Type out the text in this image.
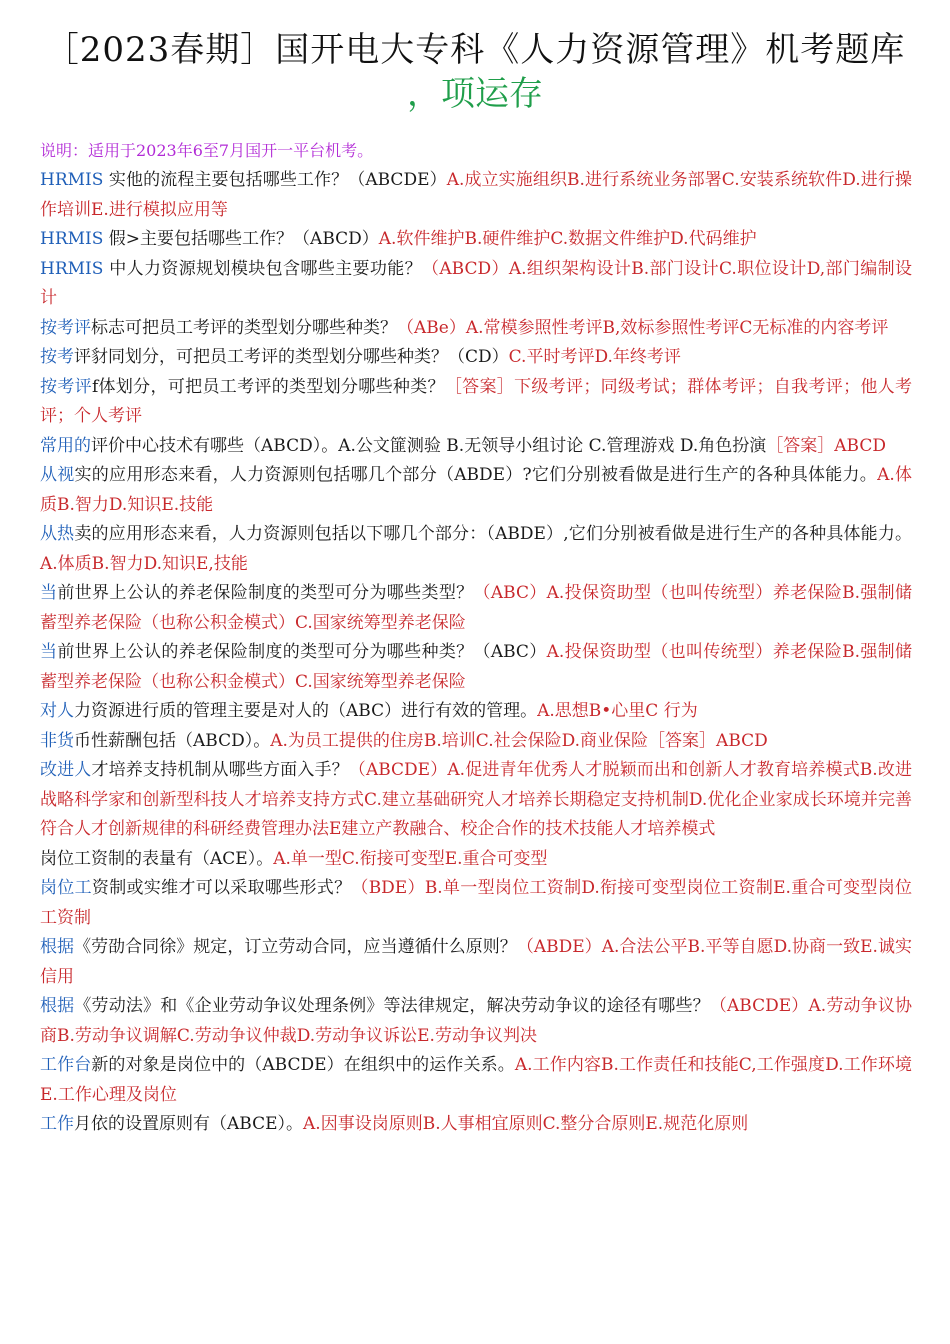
［2023春期］国开电大专科《人力资源管理》机考题库
，项运存
说明：适用于2023年6至7月国开一平台机考。

HRMIS 实他的流程主要包括哪些工作？（ABCDE）A.成立实施组织B.进行系统业务部署C.安装系统软件D.进行操作培训E.进行模拟应用等

HRMIS 假>主要包括哪些工作？（ABCD）A.软件维护B.硬件维护C.数据文件维护D.代码维护

HRMIS 中人力资源规划模块包含哪些主要功能？（ABCD）A.组织架构设计B.部门设计C.职位设计D,部门编制设计

按考评标志可把员工考评的类型划分哪些种类？（ABe）A.常模参照性考评B,效标参照性考评C无标准的内容考评

按考评豺同划分，可把员工考评的类型划分哪些种类？（CD）C.平时考评D.年终考评

按考评f体划分，可把员工考评的类型划分哪些种类？［答案］下级考评；同级考试；群体考评；自我考评；他人考评；个人考评

常用的评价中心技术有哪些（ABCD）。A.公文篚测验 B.无领导小组讨论 C.管理游戏 D.角色扮演［答案］ABCD

从视实的应用形态来看，人力资源则包括哪几个部分（ABDE）?它们分别被看做是进行生产的各种具体能力。A.体质B.智力D.知识E.技能

从热卖的应用形态来看，人力资源则包括以下哪几个部分：（ABDE）,它们分别被看做是进行生产的各种具体能力。A.体质B.智力D.知识E,技能

当前世界上公认的养老保险制度的类型可分为哪些类型？（ABC）A.投保资助型（也叫传统型）养老保险B.强制储蓄型养老保险（也称公积金模式）C.国家统筹型养老保险

当前世界上公认的养老保险制度的类型可分为哪些种类？（ABC）A.投保资助型（也叫传统型）养老保险B.强制储蓄型养老保险（也称公积金模式）C.国家统筹型养老保险

对人力资源进行质的管理主要是对人的（ABC）进行有效的管理。A.思想B•心里C 行为

非货币性薪酬包括（ABCD）。A.为员工提供的住房B.培训C.社会保险D.商业保险［答案］ABCD

改进人才培养支持机制从哪些方面入手？（ABCDE）A.促进青年优秀人才脱颖而出和创新人才教育培养模式B.改进战略科学家和创新型科技人才培养支持方式C.建立基础研究人才培养长期稳定支持机制D.优化企业家成长环境并完善符合人才创新规律的科研经费管理办法E建立产教融合、校企合作的技术技能人才培养模式

岗位工资制的表量有（ACE）。A.单一型C.衔接可变型E.重合可变型

岗位工资制或实维才可以采取哪些形式？（BDE）B.单一型岗位工资制D.衔接可变型岗位工资制E.重合可变型岗位工资制

根据《劳劭合同徐》规定，订立劳动合同，应当遵循什么原则？（ABDE）A.合法公平B.平等自愿D.协商一致E.诚实信用

根据《劳动法》和《企业劳动争议处理条例》等法律规定，解决劳动争议的途径有哪些？（ABCDE）A.劳动争议协商B.劳动争议调解C.劳动争议仲裁D.劳动争议诉讼E.劳动争议判决

工作台新的对象是岗位中的（ABCDE）在组织中的运作关系。A.工作内容B.工作责任和技能C,工作强度D.工作环境E.工作心理及岗位

工作月依的设置原则有（ABCE）。A.因事设岗原则B.人事相宜原则C.整分合原则E.规范化原则
